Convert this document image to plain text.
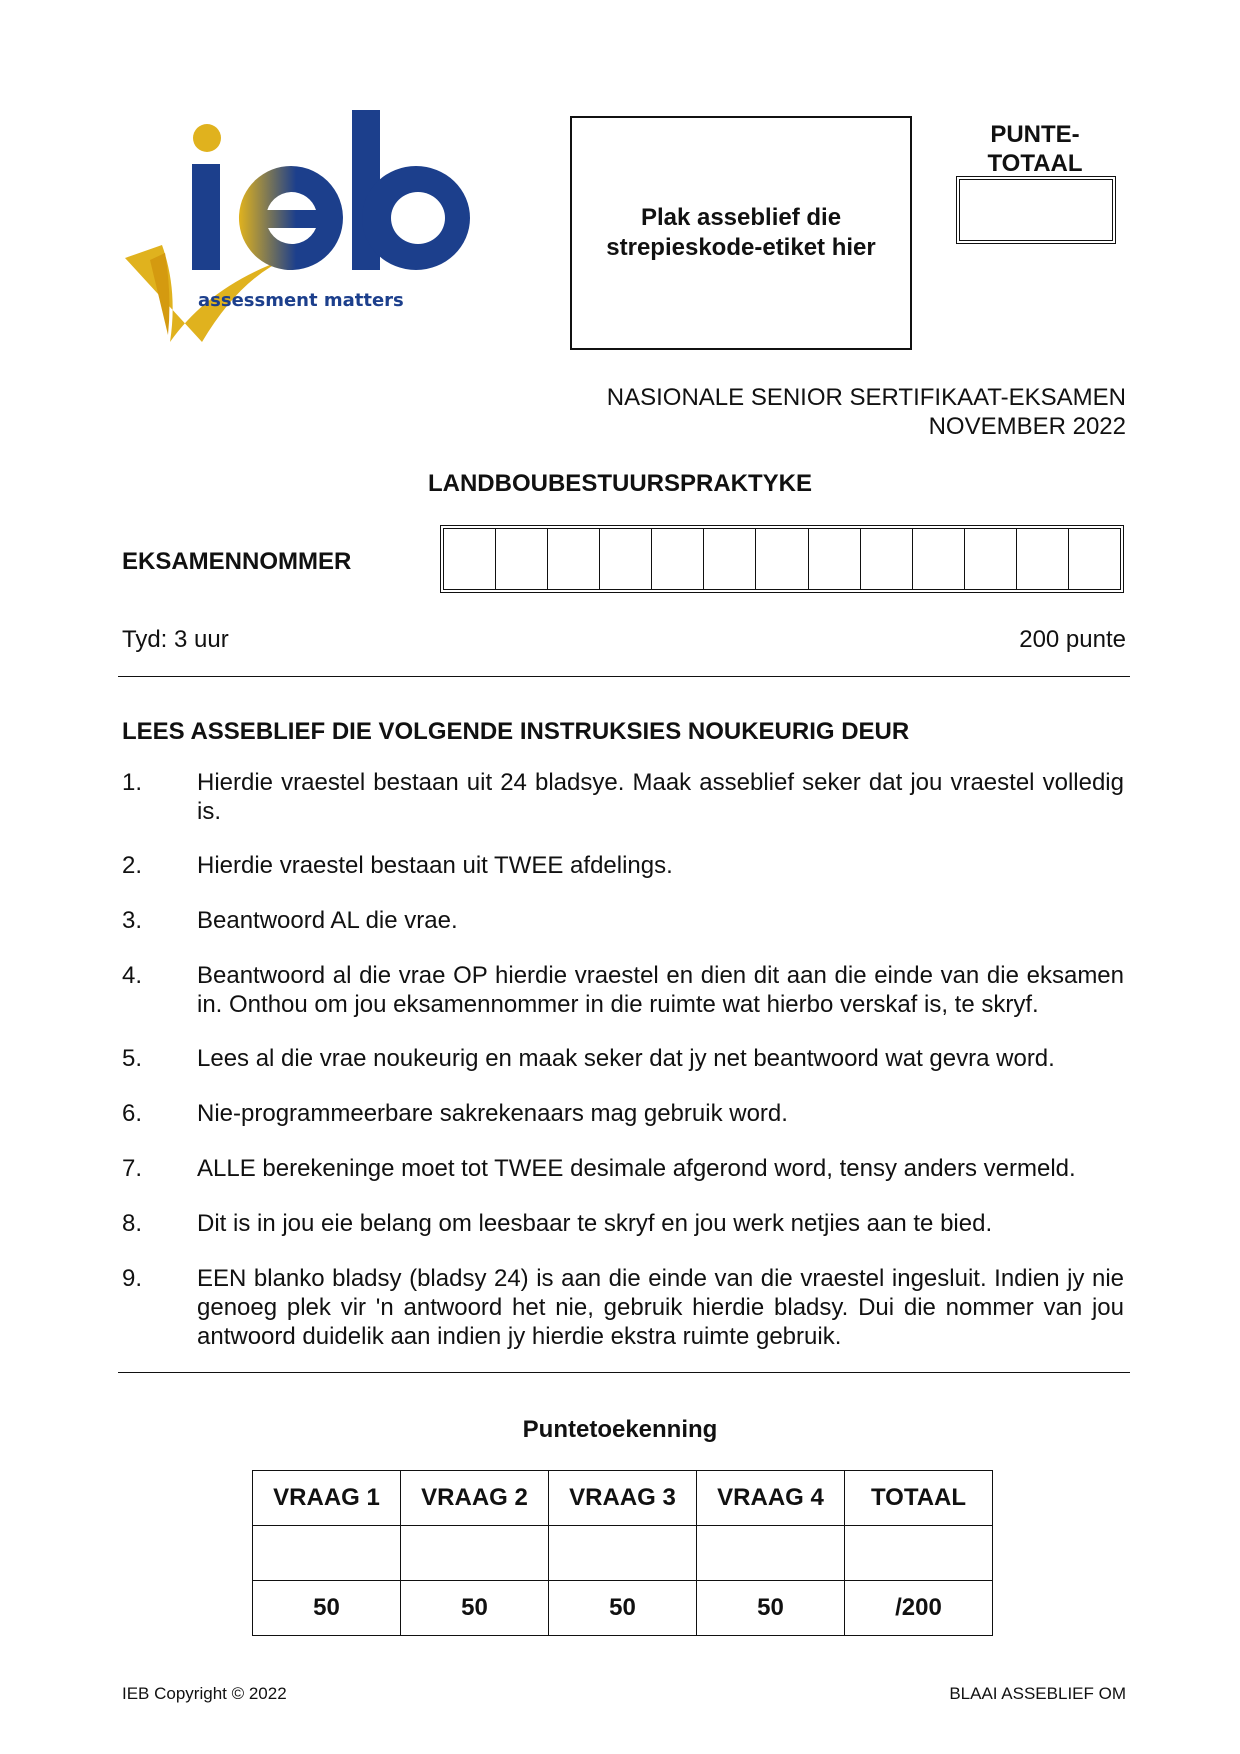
assessment matters
Plak asseblief die strepieskode-etiket hier
PUNTE-
TOTAAL
NASIONALE SENIOR SERTIFIKAAT-EKSAMEN
NOVEMBER 2022
LANDBOUBESTUURSPRAKTYKE
EKSAMENNOMMER
Tyd: 3 uur	200 punte
LEES ASSEBLIEF DIE VOLGENDE INSTRUKSIES NOUKEURIG DEUR
1. Hierdie vraestel bestaan uit 24 bladsye. Maak asseblief seker dat jou vraestel volledig is.
2. Hierdie vraestel bestaan uit TWEE afdelings.
3. Beantwoord AL die vrae.
4. Beantwoord al die vrae OP hierdie vraestel en dien dit aan die einde van die eksamen in. Onthou om jou eksamennommer in die ruimte wat hierbo verskaf is, te skryf.
5. Lees al die vrae noukeurig en maak seker dat jy net beantwoord wat gevra word.
6. Nie-programmeerbare sakrekenaars mag gebruik word.
7. ALLE berekeninge moet tot TWEE desimale afgerond word, tensy anders vermeld.
8. Dit is in jou eie belang om leesbaar te skryf en jou werk netjies aan te bied.
9. EEN blanko bladsy (bladsy 24) is aan die einde van die vraestel ingesluit. Indien jy nie genoeg plek vir 'n antwoord het nie, gebruik hierdie bladsy. Dui die nommer van jou antwoord duidelik aan indien jy hierdie ekstra ruimte gebruik.
Puntetoekenning
VRAAG 1	VRAAG 2	VRAAG 3	VRAAG 4	TOTAAL

50	50	50	50	/200
IEB Copyright © 2022	BLAAI ASSEBLIEF OM
